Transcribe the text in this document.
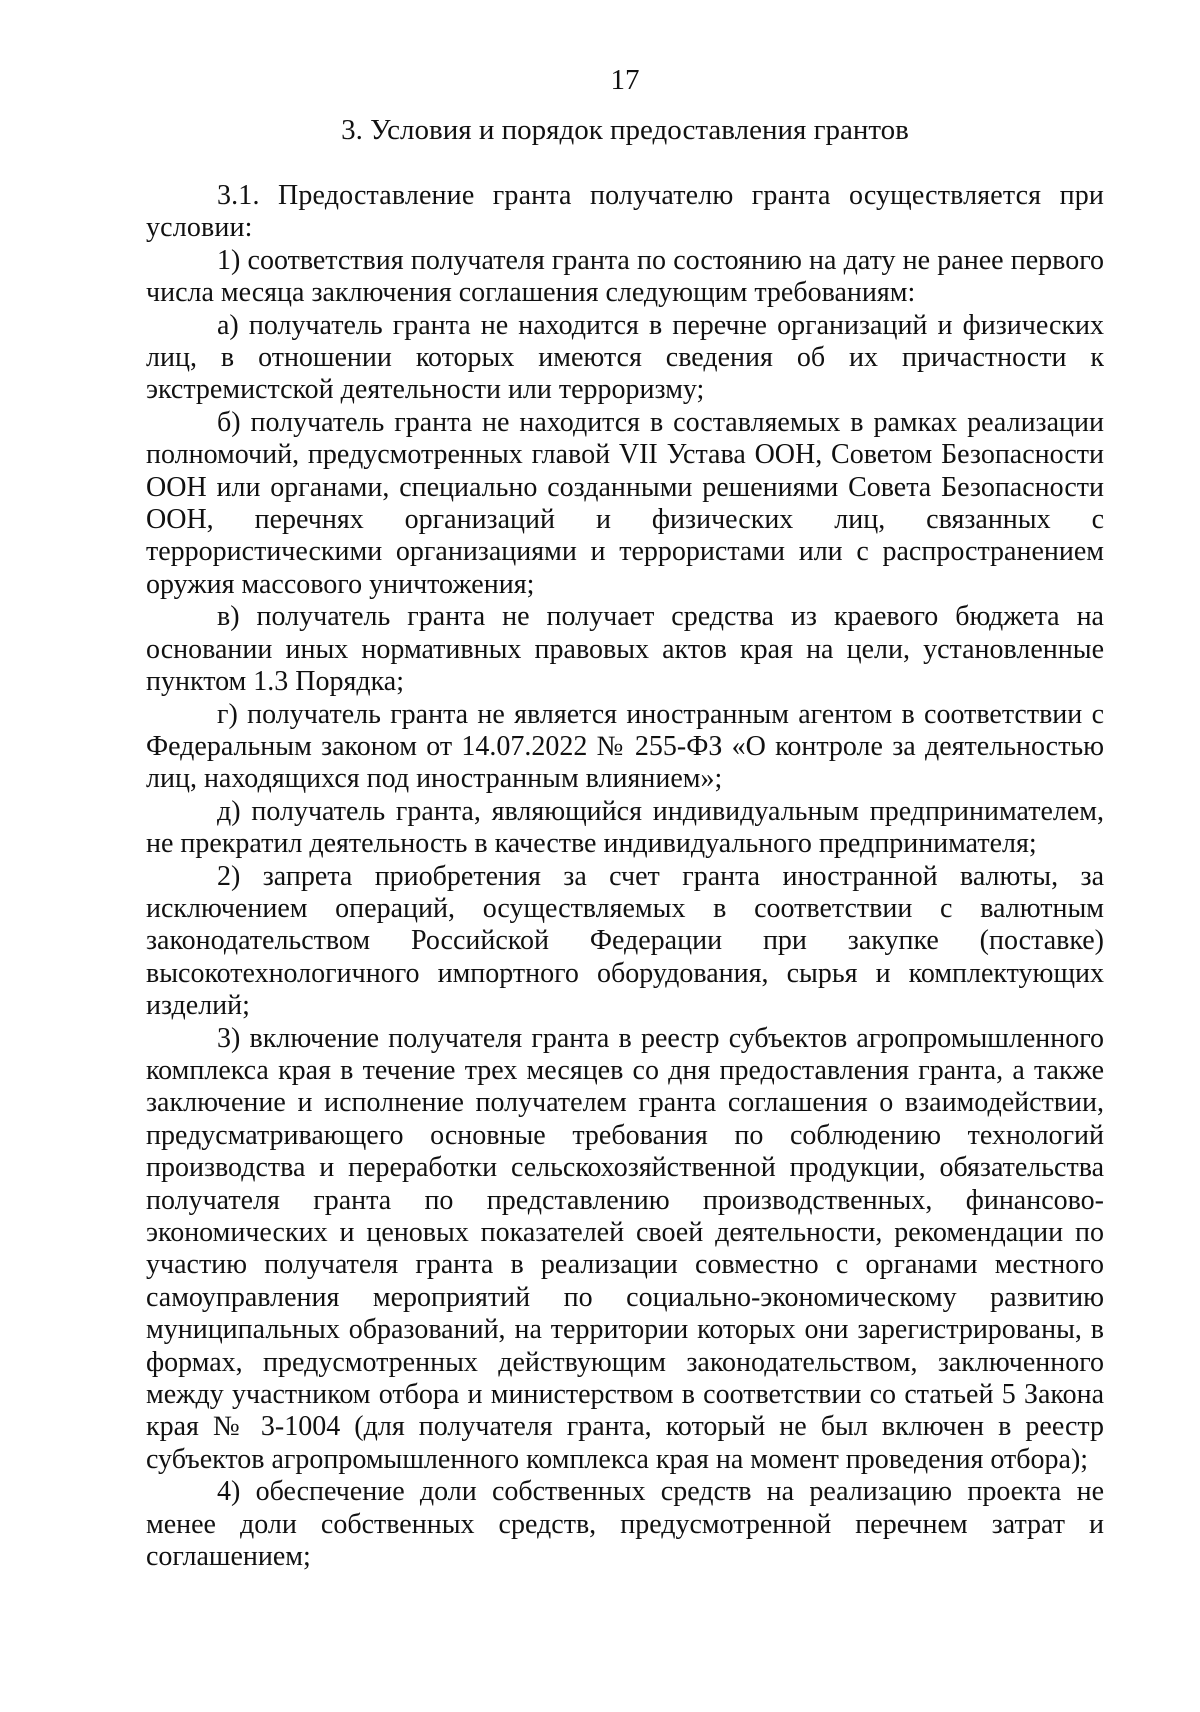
17
3. Условия и порядок предоставления грантов

3.1. Предоставление гранта получателю гранта осуществляется при условии:

1) соответствия получателя гранта по состоянию на дату не ранее первого числа месяца заключения соглашения следующим требованиям:

а) получатель гранта не находится в перечне организаций и физических лиц, в отношении которых имеются сведения об их причастности к экстремистской деятельности или терроризму;

б) получатель гранта не находится в составляемых в рамках реализации полномочий, предусмотренных главой VII Устава ООН, Советом Безопасности ООН или органами, специально созданными решениями Совета Безопасности ООН, перечнях организаций и физических лиц, связанных с террористическими организациями и террористами или с распространением оружия массового уничтожения;

в) получатель гранта не получает средства из краевого бюджета на основании иных нормативных правовых актов края на цели, установленные пунктом 1.3 Порядка;

г) получатель гранта не является иностранным агентом в соответствии с Федеральным законом от 14.07.2022 № 255-ФЗ «О контроле за деятельностью лиц, находящихся под иностранным влиянием»;

д) получатель гранта, являющийся индивидуальным предпринимателем, не прекратил деятельность в качестве индивидуального предпринимателя;

2) запрета приобретения за счет гранта иностранной валюты, за исключением операций, осуществляемых в соответствии с валютным законодательством Российской Федерации при закупке (поставке) высокотехнологичного импортного оборудования, сырья и комплектующих изделий;

3) включение получателя гранта в реестр субъектов агропромышленного комплекса края в течение трех месяцев со дня предоставления гранта, а также заключение и исполнение получателем гранта соглашения о взаимодействии, предусматривающего основные требования по соблюдению технологий производства и переработки сельскохозяйственной продукции, обязательства получателя гранта по представлению производственных, финансово-экономических и ценовых показателей своей деятельности, рекомендации по участию получателя гранта в реализации совместно с органами местного самоуправления мероприятий по социально-экономическому развитию муниципальных образований, на территории которых они зарегистрированы, в формах, предусмотренных действующим законодательством, заключенного между участником отбора и министерством в соответствии со статьей 5 Закона края № 3-1004 (для получателя гранта, который не был включен в реестр субъектов агропромышленного комплекса края на момент проведения отбора);

4) обеспечение доли собственных средств на реализацию проекта не менее доли собственных средств, предусмотренной перечнем затрат и соглашением;
